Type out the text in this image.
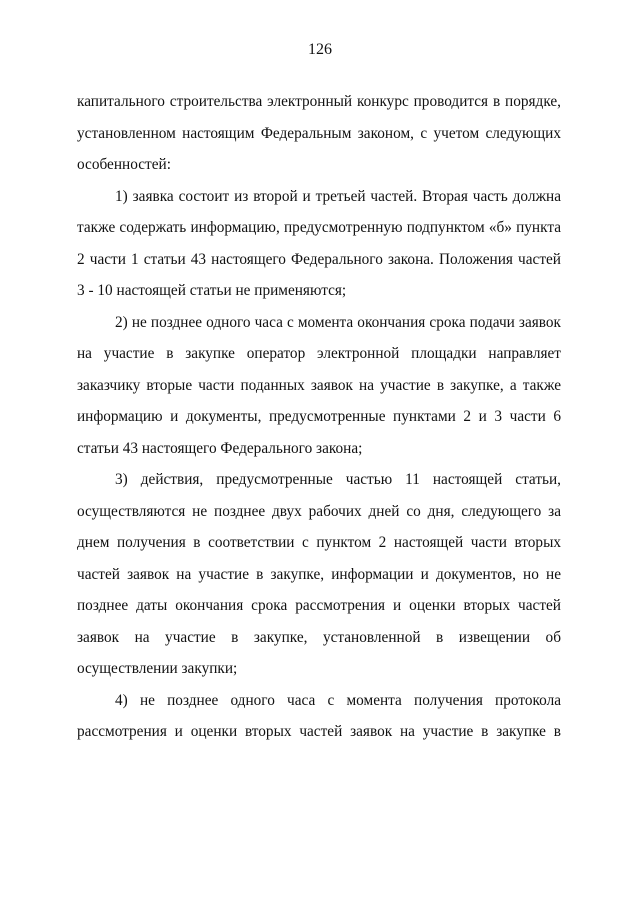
126
капитального строительства электронный конкурс проводится в порядке,
установленном настоящим Федеральным законом, с учетом следующих
особенностей:
1) заявка состоит из второй и третьей частей. Вторая часть должна
также содержать информацию, предусмотренную подпунктом «б» пункта
2 части 1 статьи 43 настоящего Федерального закона. Положения частей
3 - 10 настоящей статьи не применяются;
2) не позднее одного часа с момента окончания срока подачи заявок
на участие в закупке оператор электронной площадки направляет
заказчику вторые части поданных заявок на участие в закупке, а также
информацию и документы, предусмотренные пунктами 2 и 3 части 6
статьи 43 настоящего Федерального закона;
3) действия, предусмотренные частью 11 настоящей статьи,
осуществляются не позднее двух рабочих дней со дня, следующего за
днем получения в соответствии с пунктом 2 настоящей части вторых
частей заявок на участие в закупке, информации и документов, но не
позднее даты окончания срока рассмотрения и оценки вторых частей
заявок на участие в закупке, установленной в извещении об
осуществлении закупки;
4) не позднее одного часа с момента получения протокола
рассмотрения и оценки вторых частей заявок на участие в закупке в
